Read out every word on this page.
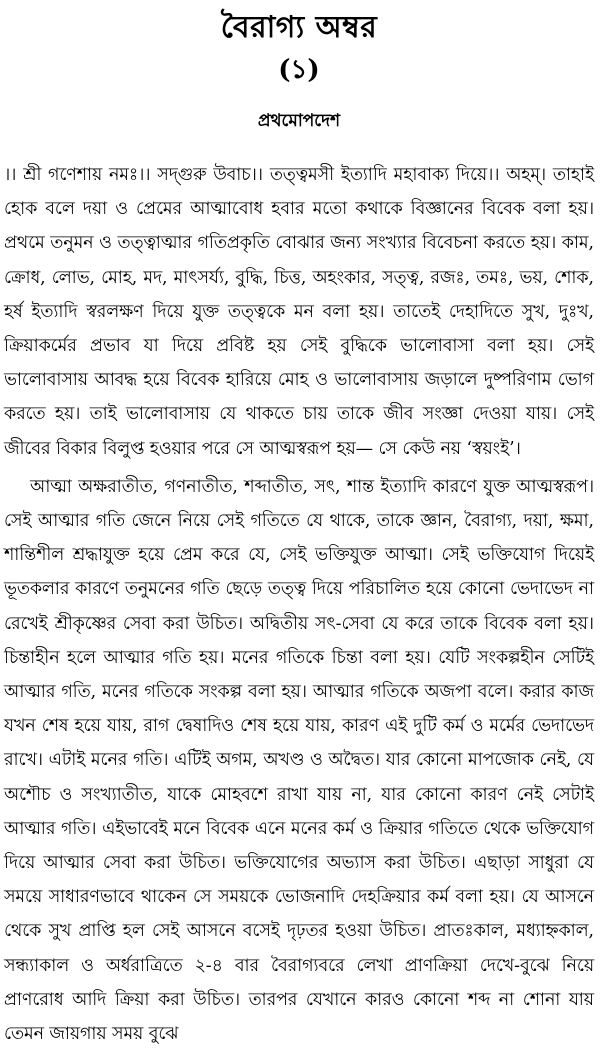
বৈরাগ্য অম্বর
(১)
প্রথমোপদেশ

।। শ্রী গণেশায় নমঃ।। সদ্গুরু উবাচ।। তত্ত্বমসী ইত্যাদি মহাবাক্য দিয়ে।। অহম্। তাহাই হোক বলে দয়া ও প্রেমের আত্মাবোধ হবার মতো কথাকে বিজ্ঞানের বিবেক বলা হয়। প্রথমে তনুমন ও তত্ত্বাত্মার গতিপ্রকৃতি বোঝার জন্য সংখ্যার বিবেচনা করতে হয়। কাম, ক্রোধ, লোভ, মোহ, মদ, মাৎসর্য্য, বুদ্ধি, চিত্ত, অহংকার, সত্ত্ব, রজঃ, তমঃ, ভয়, শোক, হর্ষ ইত্যাদি স্বরলক্ষণ দিয়ে যুক্ত তত্ত্বকে মন বলা হয়। তাতেই দেহাদিতে সুখ, দুঃখ, ক্রিয়াকর্মের প্রভাব যা দিয়ে প্রবিষ্ট হয় সেই বুদ্ধিকে ভালোবাসা বলা হয়। সেই ভালোবাসায় আবদ্ধ হয়ে বিবেক হারিয়ে মোহ ও ভালোবাসায় জড়ালে দুষ্পরিণাম ভোগ করতে হয়। তাই ভালোবাসায় যে থাকতে চায় তাকে জীব সংজ্ঞা দেওয়া যায়। সেই জীবের বিকার বিলুপ্ত হওয়ার পরে সে আত্মস্বরূপ হয়— সে কেউ নয় ‘স্বয়ংই’।

আত্মা অক্ষরাতীত, গণনাতীত, শব্দাতীত, সৎ, শান্ত ইত্যাদি কারণে যুক্ত আত্মস্বরূপ। সেই আত্মার গতি জেনে নিয়ে সেই গতিতে যে থাকে, তাকে জ্ঞান, বৈরাগ্য, দয়া, ক্ষমা, শান্তিশীল শ্রদ্ধাযুক্ত হয়ে প্রেম করে যে, সেই ভক্তিযুক্ত আত্মা। সেই ভক্তিযোগ দিয়েই ভূতকলার কারণে তনুমনের গতি ছেড়ে তত্ত্ব দিয়ে পরিচালিত হয়ে কোনো ভেদাভেদ না রেখেই শ্রীকৃষ্ণের সেবা করা উচিত। অদ্বিতীয় সৎ-সেবা যে করে তাকে বিবেক বলা হয়। চিন্তাহীন হলে আত্মার গতি হয়। মনের গতিকে চিন্তা বলা হয়। যেটি সংকল্পহীন সেটিই আত্মার গতি, মনের গতিকে সংকল্প বলা হয়। আত্মার গতিকে অজপা বলে। করার কাজ যখন শেষ হয়ে যায়, রাগ দ্বেষাদিও শেষ হয়ে যায়, কারণ এই দুটি কর্ম ও মর্মের ভেদাভেদ রাখে। এটাই মনের গতি। এটিই অগম, অখণ্ড ও অদ্বৈত। যার কোনো মাপজোক নেই, যে অশৌচ ও সংখ্যাতীত, যাকে মোহবশে রাখা যায় না, যার কোনো কারণ নেই সেটাই আত্মার গতি। এইভাবেই মনে বিবেক এনে মনের কর্ম ও ক্রিয়ার গতিতে থেকে ভক্তিযোগ দিয়ে আত্মার সেবা করা উচিত। ভক্তিযোগের অভ্যাস করা উচিত। এছাড়া সাধুরা যে সময়ে সাধারণভাবে থাকেন সে সময়কে ভোজনাদি দেহক্রিয়ার কর্ম বলা হয়। যে আসনে থেকে সুখ প্রাপ্তি হল সেই আসনে বসেই দৃঢ়তর হওয়া উচিত। প্রাতঃকাল, মধ্যাহ্নকাল, সন্ধ্যাকাল ও অর্ধরাত্রিতে ২-৪ বার বৈরাগ্যবরে লেখা প্রাণক্রিয়া দেখে-বুঝে নিয়ে প্রাণরোধ আদি ক্রিয়া করা উচিত। তারপর যেখানে কারও কোনো শব্দ না শোনা যায় তেমন জায়গায় সময় বুঝে
